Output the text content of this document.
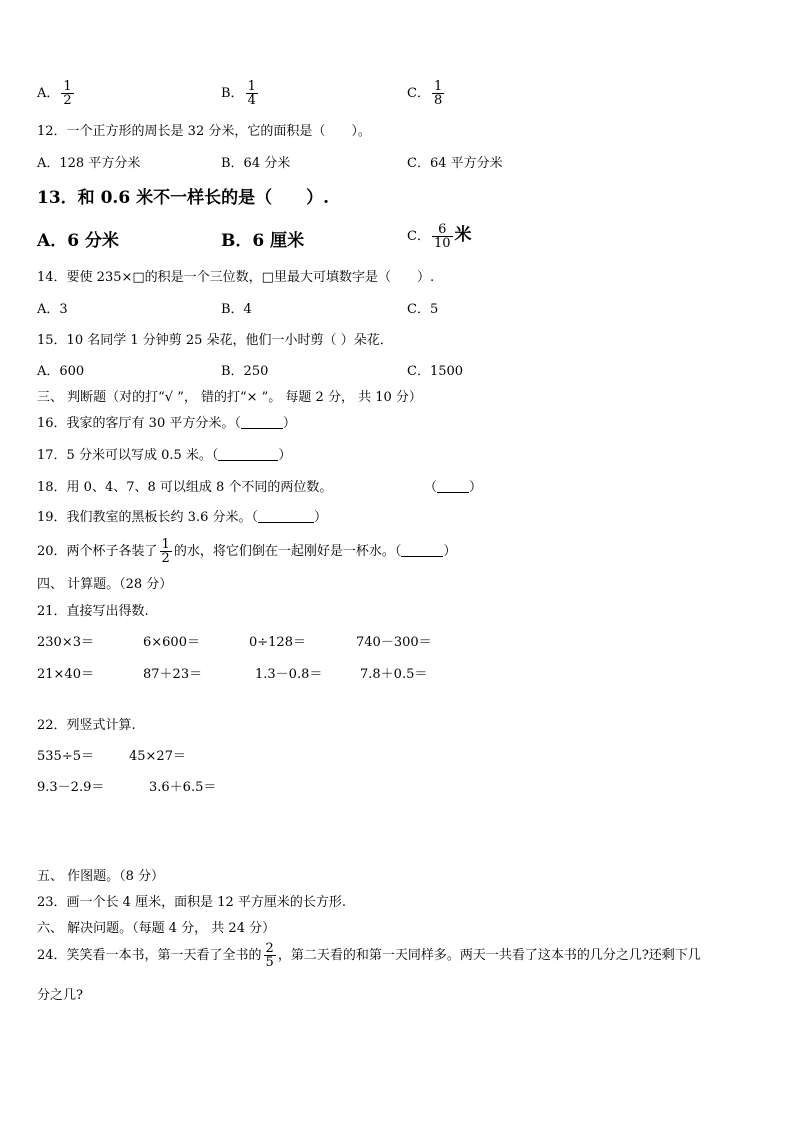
A． $\frac{1}{2}$	B． $\frac{1}{4}$	C． $\frac{1}{8}$
12．一个正方形的周长是 32 分米，它的面积是（　　）。
A．128 平方分米	B．64 分米	C．64 平方分米
13．和 0.6 米不一样长的是（　　）.
A．6 分米	B．6 厘米	C． $\frac{6}{10}$ 米
14．要使 235×□的积是一个三位数，□里最大可填数字是（　　）.
A．3	B．4	C．5
15．10 名同学 1 分钟剪 25 朵花，他们一小时剪（ ）朵花．
A．600	B．250	C．1500
三、 判断题（对的打“√ ”， 错的打“× ”。 每题 2 分， 共 10 分）
16．我家的客厅有 30 平方分米。（	）
17．5 分米可以写成 0.5 米。（	）
18．用 0、4、7、8 可以组成 8 个不同的两位数。	（ ）
19．我们教室的黑板长约 3.6 分米。（	）
20．两个杯子各装了 $\frac{1}{2}$ 的水，将它们倒在一起刚好是一杯水。（	）
四、 计算题。（28 分）
21．直接写出得数.
230×3＝	6×600＝	0÷128＝	740－300＝
21×40＝	87＋23＝	1.3－0.8＝	7.8＋0.5＝
22．列竖式计算.
535÷5＝	45×27＝
9.3－2.9＝	3.6＋6.5＝
五、 作图题。（8 分）
23．画一个长 4 厘米，面积是 12 平方厘米的长方形.
六、 解决问题。（每题 4 分， 共 24 分）
24．笑笑看一本书，第一天看了全书的 $\frac{2}{5}$ ，第二天看的和第一天同样多。两天一共看了这本书的几分之几?还剩下几
分之几?
